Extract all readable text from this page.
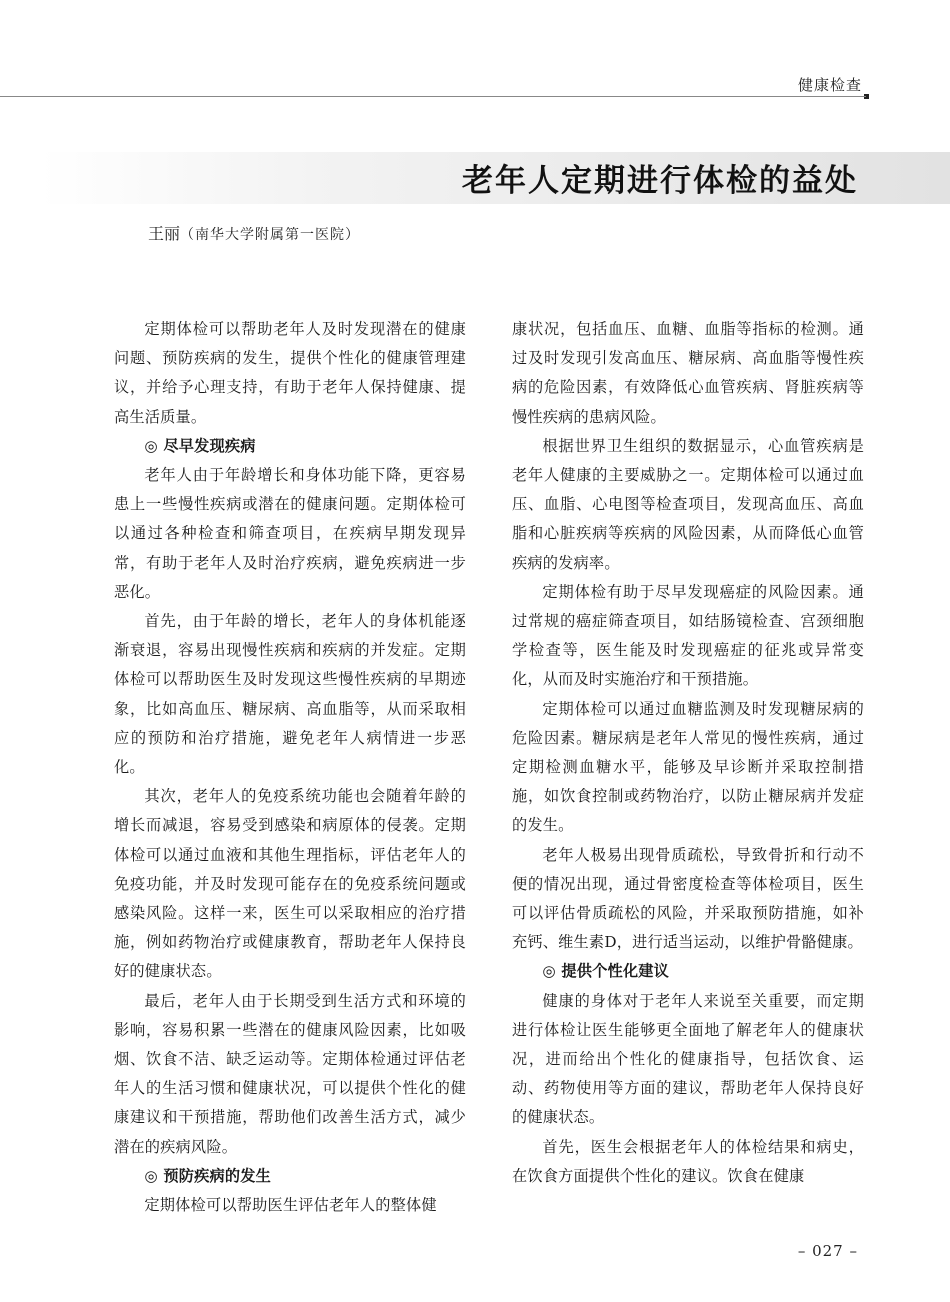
健康检查
老年人定期进行体检的益处
王丽（南华大学附属第一医院）

定期体检可以帮助老年人及时发现潜在的健康问题、预防疾病的发生，提供个性化的健康管理建议，并给予心理支持，有助于老年人保持健康、提高生活质量。

◎ 尽早发现疾病

老年人由于年龄增长和身体功能下降，更容易患上一些慢性疾病或潜在的健康问题。定期体检可以通过各种检查和筛查项目，在疾病早期发现异常，有助于老年人及时治疗疾病，避免疾病进一步恶化。

首先，由于年龄的增长，老年人的身体机能逐渐衰退，容易出现慢性疾病和疾病的并发症。定期体检可以帮助医生及时发现这些慢性疾病的早期迹象，比如高血压、糖尿病、高血脂等，从而采取相应的预防和治疗措施，避免老年人病情进一步恶化。

其次，老年人的免疫系统功能也会随着年龄的增长而减退，容易受到感染和病原体的侵袭。定期体检可以通过血液和其他生理指标，评估老年人的免疫功能，并及时发现可能存在的免疫系统问题或感染风险。这样一来，医生可以采取相应的治疗措施，例如药物治疗或健康教育，帮助老年人保持良好的健康状态。

最后，老年人由于长期受到生活方式和环境的影响，容易积累一些潜在的健康风险因素，比如吸烟、饮食不洁、缺乏运动等。定期体检通过评估老年人的生活习惯和健康状况，可以提供个性化的健康建议和干预措施，帮助他们改善生活方式，减少潜在的疾病风险。

◎ 预防疾病的发生

定期体检可以帮助医生评估老年人的整体健

康状况，包括血压、血糖、血脂等指标的检测。通过及时发现引发高血压、糖尿病、高血脂等慢性疾病的危险因素，有效降低心血管疾病、肾脏疾病等慢性疾病的患病风险。

根据世界卫生组织的数据显示，心血管疾病是老年人健康的主要威胁之一。定期体检可以通过血压、血脂、心电图等检查项目，发现高血压、高血脂和心脏疾病等疾病的风险因素，从而降低心血管疾病的发病率。

定期体检有助于尽早发现癌症的风险因素。通过常规的癌症筛查项目，如结肠镜检查、宫颈细胞学检查等，医生能及时发现癌症的征兆或异常变化，从而及时实施治疗和干预措施。

定期体检可以通过血糖监测及时发现糖尿病的危险因素。糖尿病是老年人常见的慢性疾病，通过定期检测血糖水平，能够及早诊断并采取控制措施，如饮食控制或药物治疗，以防止糖尿病并发症的发生。

老年人极易出现骨质疏松，导致骨折和行动不便的情况出现，通过骨密度检查等体检项目，医生可以评估骨质疏松的风险，并采取预防措施，如补充钙、维生素D，进行适当运动，以维护骨骼健康。

◎ 提供个性化建议

健康的身体对于老年人来说至关重要，而定期进行体检让医生能够更全面地了解老年人的健康状况，进而给出个性化的健康指导，包括饮食、运动、药物使用等方面的建议，帮助老年人保持良好的健康状态。

首先，医生会根据老年人的体检结果和病史，在饮食方面提供个性化的建议。饮食在健康

– 027 –
